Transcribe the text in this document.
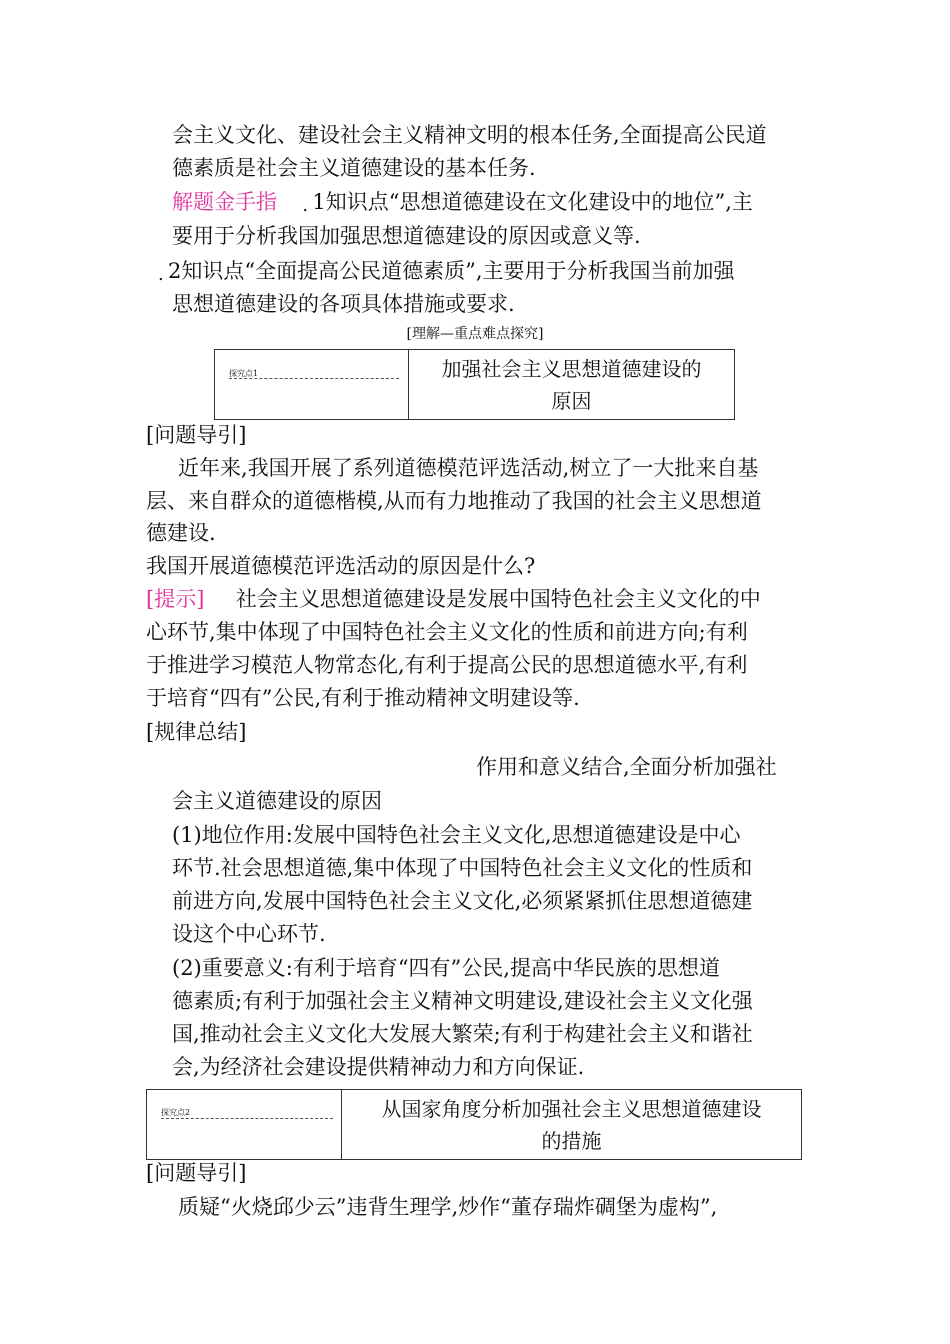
会主义文化、建设社会主义精神文明的根本任务,全面提高公民道
德素质是社会主义道德建设的基本任务.
解题金手指  . 1知识点“思想道德建设在文化建设中的地位”,主
要用于分析我国加强思想道德建设的原因或意义等.
. 2知识点“全面提高公民道德素质”,主要用于分析我国当前加强
思想道德建设的各项具体措施或要求.
[理解—重点难点探究]
探究点1	加强社会主义思想道德建设的
原因
[问题导引]
近年来,我国开展了系列道德模范评选活动,树立了一大批来自基
层、来自群众的道德楷模,从而有力地推动了我国的社会主义思想道
德建设.
我国开展道德模范评选活动的原因是什么?
[提示] 社会主义思想道德建设是发展中国特色社会主义文化的中
心环节,集中体现了中国特色社会主义文化的性质和前进方向;有利
于推进学习模范人物常态化,有利于提高公民的思想道德水平,有利
于培育“四有”公民,有利于推动精神文明建设等.
[规律总结]
作用和意义结合,全面分析加强社
会主义道德建设的原因
(1)地位作用:发展中国特色社会主义文化,思想道德建设是中心
环节.社会思想道德,集中体现了中国特色社会主义文化的性质和
前进方向,发展中国特色社会主义文化,必须紧紧抓住思想道德建
设这个中心环节.
(2)重要意义:有利于培育“四有”公民,提高中华民族的思想道
德素质;有利于加强社会主义精神文明建设,建设社会主义文化强
国,推动社会主义文化大发展大繁荣;有利于构建社会主义和谐社
会,为经济社会建设提供精神动力和方向保证.
探究点2	从国家角度分析加强社会主义思想道德建设
的措施
[问题导引]
质疑“火烧邱少云”违背生理学,炒作“董存瑞炸碉堡为虚构”,
